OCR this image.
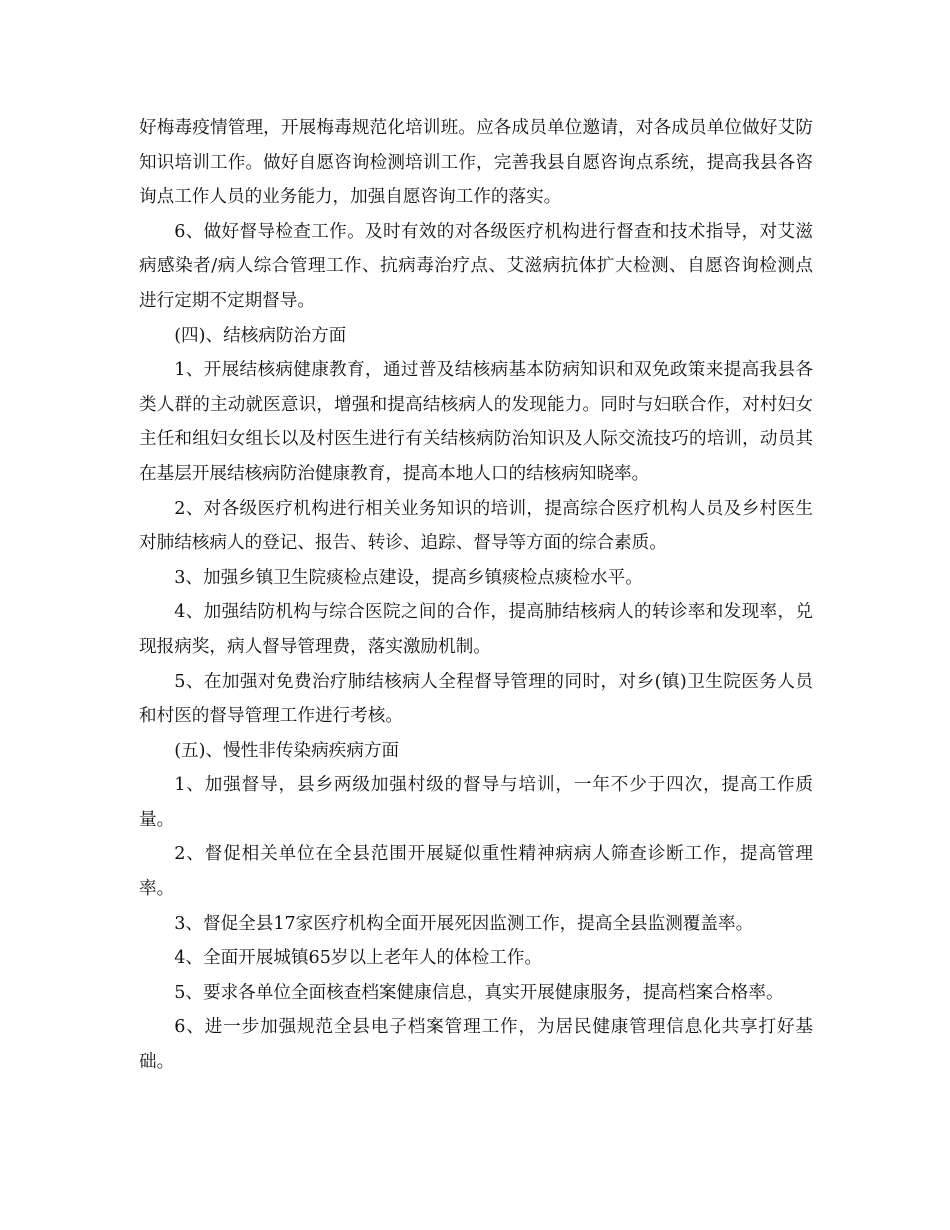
好梅毒疫情管理，开展梅毒规范化培训班。应各成员单位邀请，对各成员单位做好艾防知识培训工作。做好自愿咨询检测培训工作，完善我县自愿咨询点系统，提高我县各咨询点工作人员的业务能力，加强自愿咨询工作的落实。

6、做好督导检查工作。及时有效的对各级医疗机构进行督查和技术指导，对艾滋病感染者/病人综合管理工作、抗病毒治疗点、艾滋病抗体扩大检测、自愿咨询检测点进行定期不定期督导。

(四)、结核病防治方面

1、开展结核病健康教育，通过普及结核病基本防病知识和双免政策来提高我县各类人群的主动就医意识，增强和提高结核病人的发现能力。同时与妇联合作，对村妇女主任和组妇女组长以及村医生进行有关结核病防治知识及人际交流技巧的培训，动员其在基层开展结核病防治健康教育，提高本地人口的结核病知晓率。

2、对各级医疗机构进行相关业务知识的培训，提高综合医疗机构人员及乡村医生对肺结核病人的登记、报告、转诊、追踪、督导等方面的综合素质。

3、加强乡镇卫生院痰检点建设，提高乡镇痰检点痰检水平。

4、加强结防机构与综合医院之间的合作，提高肺结核病人的转诊率和发现率，兑现报病奖，病人督导管理费，落实激励机制。

5、在加强对免费治疗肺结核病人全程督导管理的同时，对乡(镇)卫生院医务人员和村医的督导管理工作进行考核。

(五)、慢性非传染病疾病方面

1、加强督导，县乡两级加强村级的督导与培训，一年不少于四次，提高工作质量。

2、督促相关单位在全县范围开展疑似重性精神病病人筛查诊断工作，提高管理率。

3、督促全县17家医疗机构全面开展死因监测工作，提高全县监测覆盖率。

4、全面开展城镇65岁以上老年人的体检工作。

5、要求各单位全面核查档案健康信息，真实开展健康服务，提高档案合格率。

6、进一步加强规范全县电子档案管理工作，为居民健康管理信息化共享打好基础。
